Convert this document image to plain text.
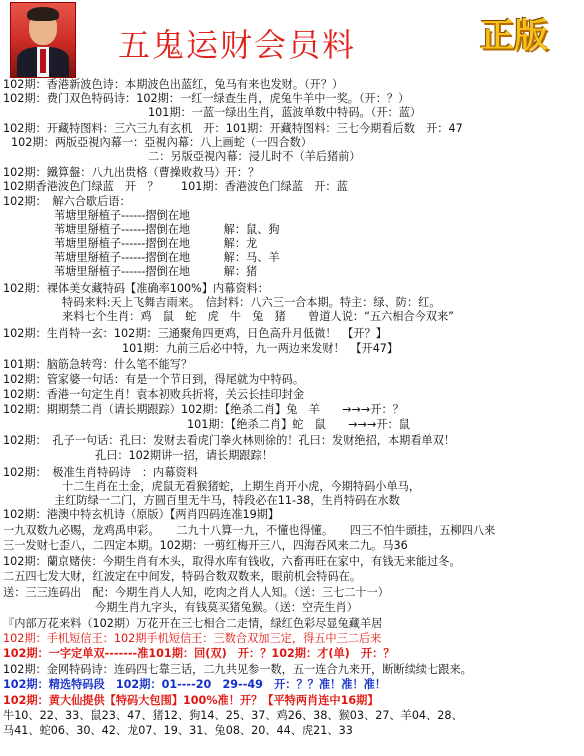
五鬼运财会员料	正版
102期：香港新波色诗：本期波色出蓝红，兔马有来也发财。（开？）
102期：费门双色特码诗：102期：一红一绿查生肖，虎兔牛羊中一奖。（开：？）
101期：一蓝一绿出生肖，蓝波单数中特码。（开：蓝）
102期：开藏特图料：三六三九有玄机　开：101期：开藏特图料：三七今期看后数　开：47
102期：两版亞視內幕一：亞視內幕：八上画蛇（一四合数）
二：另版亞視內幕：浸儿时不（羊后猪前）
102期：鐵算盤：八九出贵格（曹操败救马）开：？
102期香港波色门绿蓝　开　？　　101期：香港波色门绿蓝　开：蓝
102期：　解六合歇后语：
苇塘里掰植子------摺倒在地
苇塘里掰植子------摺倒在地　　　解：鼠、狗
苇塘里掰植子------摺倒在地　　　解：龙
苇塘里掰植子------摺倒在地　　　解：马、羊
苇塘里掰植子------摺倒在地　　　解：猪
102期：裸体美女藏特码【准确率100%】内幕资料：
特码来料:天上飞舞吉雨来。　信封料：八六三一合本期。特主：绿、防：红。
来料七个生肖：鸡　鼠　蛇　虎　牛　兔　猪　　曾道人说：“五六相合今双来”
102期：生肖特一玄：102期：三通聚角四更鸡，日色高升月低微！　【开？】
101期：九前三后必中特，九一两边来发财！　【开47】
101期：脑筋急转弯：什么笔不能写？
102期：管家婆一句话：有是一个节日到，得尾就为中特码。
102期：香港一句定生肖！袁本初败兵折将，关云长挂印封金
102期：期期禁二肖（请长期跟踪）102期：【绝杀二肖】兔　羊　　→→→开：？
101期：【绝杀二肖】蛇　鼠　　→→→开：鼠
102期：　孔子一句话：孔曰：发财去看虎门拳火林则徐的！孔曰：发财绝招，本期看单双！
孔曰：102期讲一招，请长期跟踪！
102期：　极准生肖特码诗　：内幕资料
十二生肖在土金，虎鼠无看猴猪蛇，上期生肖开小虎，今期特码小单马，
主红防绿一二门，方圆百里无牛马，特段必在11-38，生肖特码在水数
102期：港澳中特玄机诗（原版）【两肖四码连准19期】
一九双数九必赐，龙鸡禹申彩。　　二九十八算一九，不懂也得懂。　　四三不怕牛頭挂，五柳四八来
三一发财七歪八，二四定本期。102期：一剪红梅开三八，四海吞风来二九。马36
102期：蘭京赌侠：今期生肖有木头，取得水库有钱收，六畜再旺在家中，有钱无来能过冬。
二五四七发大财，红波定在中间发，特码合数双数来，眼前机会特码在。
送：三三连码出　配：今期生肖人人知，吃肉之肖人人知。（送：三七二十一）
今期生肖九字头，有钱莫买猪兔猴。（送：空壳生肖）
『内部万花来料（102期）万花开在三七相合二走情，绿红色彩尽显兔藏羊居
102期：手机短信王：102期手机短信王：三数合双加三定，得五中三二后来
102期：一字定单双-------准101期：回(双)　开：？102期：才(单)　开：？
102期：金网特码诗：连码四七靠三话，二九共见参一数，五一连合九来开，断断续续七跟来。
102期：精选特码段　102期：01----20　29--49　开：？？准！准！准！
102期：黄大仙提供【特码大包围】100%准！开？【平特两肖连中16期】
牛10、22、33、鼠23、47、猪12、狗14、25、37、鸡26、38、猴03、27、羊04、28、
马41、蛇06、30、42、龙07、19、31、兔08、20、44、虎21、33
